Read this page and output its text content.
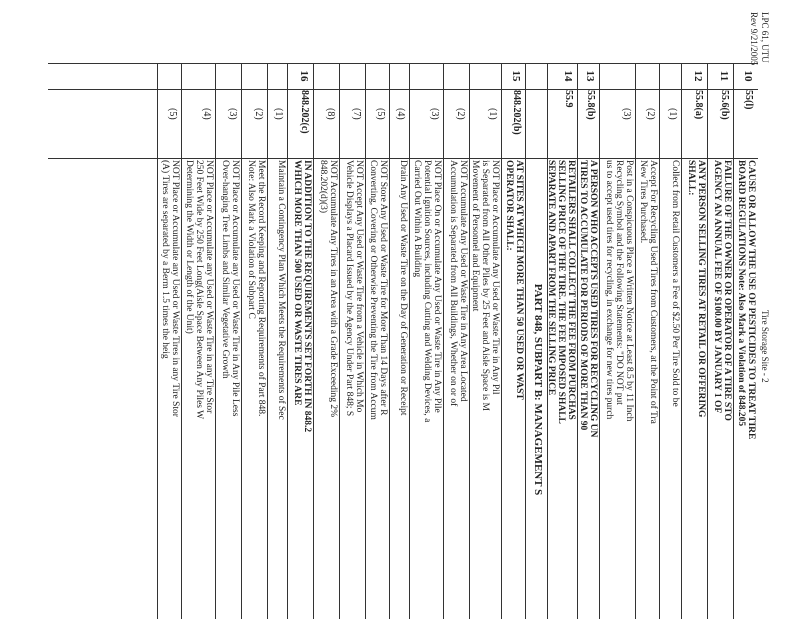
LPC 61, UTU
Rev 9/21/2005
Tire Storage Site - 2
10
55(l)
CAUSE OR ALLOW THE USE OF PESTICIDES TO TREAT TIRE
BOARD REGULATIONS Note: Also Mark a Violation of 848.205
11
55.6(b)
FAILURE OF THE OWNER OR OPERATOR OF A TIRE STO
AGENCY AN ANNUAL FEE OF $100.00 BY JANUARY 1 OF
12
55.8(a)
ANY PERSON SELLING TIRES AT RETAIL OR OFFERING
SHALL:
(1)
Collect from Retail Customers a Fee of $2.50 Per Tire Sold to be
(2)
Accept For Recycling Used Tires from Customers, at the Point of Tra
New Tires Purchased.
(3)
Post in a Conspicuous Place a Written Notice at Least 8.5 by 11 Inch
Recycling Symbol and the Following Statements: "DO NOT put
us to accept used tires for recycling, in exchange for new tires purch
13
55.8(b)
A PERSON WHO ACCEPTS USED TIRES FOR RECYCLING UN
TIRES TO ACCUMULATE FOR PERIODS OF MORE THAN 90
14
55.9
RETAILERS SHALL COLLECT THE FEE FROM PURCHAS
SELLING PRICE OF THE TIRE. THE FEE IMPOSED SHALL
SEPARATE AND APART FROM THE SELLING PRICE
PART 848, SUBPART B: MANAGEMENT S
15
848.202(b)
AT SITES AT WHICH MORE THAN 50 USED OR WAST
OPERATOR SHALL:
(1)
NOT Place or Accumulate Any Used or Waste Tire in Any Pil
is Separated from All Other Piles by 25 Feet and Aisle Space is M
Movement of Personnel and Equipment
(2)
NOT Accumulate Any Used or Waste Tire in Any Area Located
Accumulation is Separated from All Buildings, Whether on or of
(3)
NOT Place On or Accumulate Any Used or Waste Tire in Any Pile
Potential Ignition Sources, including Cutting and Welding Devices, a
Carried Out Within A Building
(4)
Drain Any Used or Waste Tire on the Day of Generation or Receipt
(5)
NOT Store Any Used or Waste Tire for More Than 14 Days after R
Converting, Covering or Otherwise Preventing the Tire from Accum
(7)
NOT Accept Any Used or Waste Tire from a Vehicle in Which Mo
Vehicle Displays a Placard Issued by the Agency Under Part 848; S
(8)
NOT Accumulate Any Tires in an Area with a Grade Exceeding 2%
848.202(d)(3)
16
848.202(c)
IN ADDITION TO THE REQUIREMENTS SET FORTH IN 848.2
WHICH MORE THAN 500 USED OR WASTE TIRES ARE
(1)
Maintain a Contingency Plan Which Meets the Requirements of Sec
(2)
Meet the Record Keeping and Reporting Requirements of Part 848.
Note: Also Mark a Violation of Subpart C
(3)
NOT Place or Accumulate any Used or Waste Tire in Any Pile Less
Over-hanging Tree Limbs and Similar Vegetative Growth
(4)
NOT Place or Accumulate any Used or Waste Tire in any Tire Stor
250 Feet Wide by 250 Feet Long(Aisle Space Between Any Piles W
Determining the Width or Length of the Unit)
(5)
NOT Place or Accumulate any Used or Waste Tires in any Tire Stor
(A) Tires are separated by a Berm 1.5 times the heig
